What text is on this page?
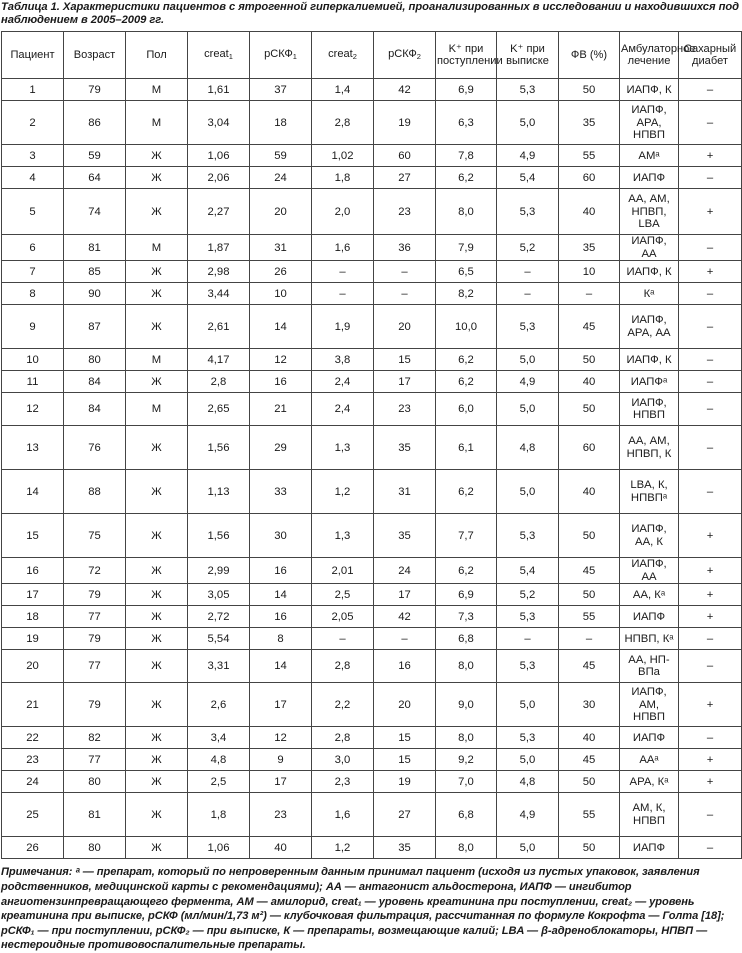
Таблица 1. Характеристики пациентов с ятрогенной гиперкалиемией, проанализированных в исследовании и находившихся под наблюдением в 2005–2009 гг.
Пациент	Возраст	Пол	creat$_1$	рСКФ$_1$	creat$_2$	рСКФ$_2$	K⁺ при поступлении	K⁺ при выписке	ФВ (%)	Амбулаторное лечение	Сахарный диабет
1	79	М	1,61	37	1,4	42	6,9	5,3	50	ИАПФ, К	–
2	86	М	3,04	18	2,8	19	6,3	5,0	35	ИАПФ, АРА, НПВП	–
3	59	Ж	1,06	59	1,02	60	7,8	4,9	55	АМᵃ	+
4	64	Ж	2,06	24	1,8	27	6,2	5,4	60	ИАПФ	–
5	74	Ж	2,27	20	2,0	23	8,0	5,3	40	АА, АМ, НПВП, LBA	+
6	81	М	1,87	31	1,6	36	7,9	5,2	35	ИАПФ, АА	–
7	85	Ж	2,98	26	–	–	6,5	–	10	ИАПФ, К	+
8	90	Ж	3,44	10	–	–	8,2	–	–	Кᵃ	–
9	87	Ж	2,61	14	1,9	20	10,0	5,3	45	ИАПФ, АРА, АА	–
10	80	М	4,17	12	3,8	15	6,2	5,0	50	ИАПФ, К	–
11	84	Ж	2,8	16	2,4	17	6,2	4,9	40	ИАПФᵃ	–
12	84	М	2,65	21	2,4	23	6,0	5,0	50	ИАПФ, НПВП	–
13	76	Ж	1,56	29	1,3	35	6,1	4,8	60	АА, АМ, НПВП, К	–
14	88	Ж	1,13	33	1,2	31	6,2	5,0	40	LBA, К, НПВПᵃ	–
15	75	Ж	1,56	30	1,3	35	7,7	5,3	50	ИАПФ, АА, К	+
16	72	Ж	2,99	16	2,01	24	6,2	5,4	45	ИАПФ, АА	+
17	79	Ж	3,05	14	2,5	17	6,9	5,2	50	АА, Кᵃ	+
18	77	Ж	2,72	16	2,05	42	7,3	5,3	55	ИАПФ	+
19	79	Ж	5,54	8	–	–	6,8	–	–	НПВП, Кᵃ	–
20	77	Ж	3,31	14	2,8	16	8,0	5,3	45	АА, НП-ВПа	–
21	79	Ж	2,6	17	2,2	20	9,0	5,0	30	ИАПФ, АМ, НПВП	+
22	82	Ж	3,4	12	2,8	15	8,0	5,3	40	ИАПФ	–
23	77	Ж	4,8	9	3,0	15	9,2	5,0	45	ААᵃ	+
24	80	Ж	2,5	17	2,3	19	7,0	4,8	50	АРА, Кᵃ	+
25	81	Ж	1,8	23	1,6	27	6,8	4,9	55	АМ, К, НПВП	–
26	80	Ж	1,06	40	1,2	35	8,0	5,0	50	ИАПФ	–
Примечания: ᵃ — препарат, который по непроверенным данным принимал пациент (исходя из пустых упаковок, заявления родственников, медицинской карты с рекомендациями); АА — антагонист альдостерона, ИАПФ — ингибитор ангиотензинпревращающего фермента, АМ — амилорид, creat₁ — уровень креатинина при поступлении, creat₂ — уровень креатинина при выписке, рСКФ (мл/мин/1,73 м²) — клубочковая фильтрация, рассчитанная по формуле Кокрофта — Голта [18]; рСКФ₁ — при поступлении, рСКФ₂ — при выписке, К — препараты, возмещающие калий; LBA — β-адреноблокаторы, НПВП — нестероидные противовоспалительные препараты.
